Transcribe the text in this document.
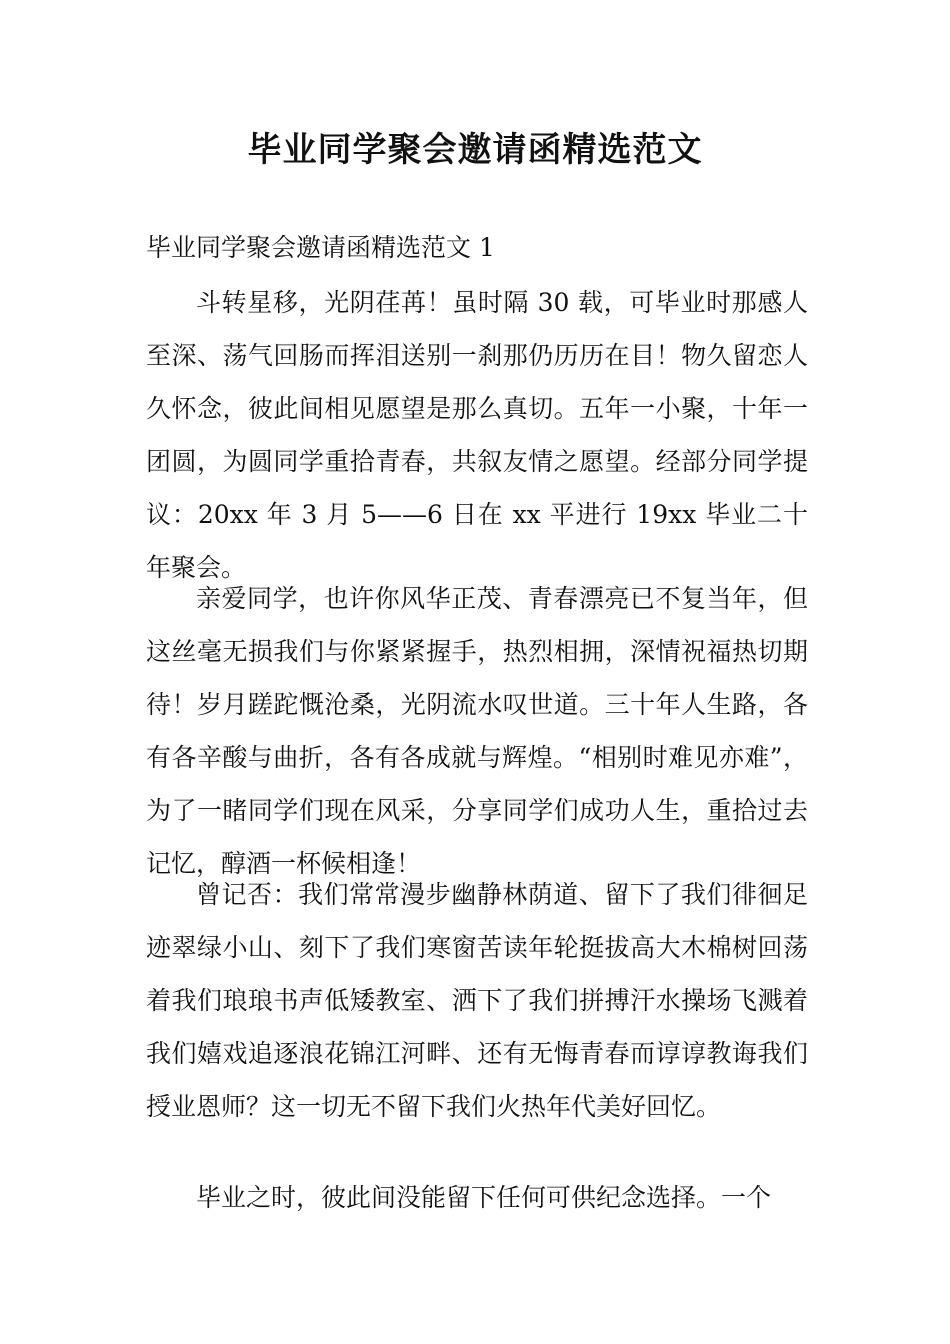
毕业同学聚会邀请函精选范文
毕业同学聚会邀请函精选范文 1

斗转星移，光阴荏苒！虽时隔 30 载，可毕业时那感人至深、荡气回肠而挥泪送别一刹那仍历历在目！物久留恋人久怀念，彼此间相见愿望是那么真切。五年一小聚，十年一团圆，为圆同学重拾青春，共叙友情之愿望。经部分同学提议：20xx 年 3 月 5——6 日在 xx 平进行 19xx 毕业二十年聚会。

亲爱同学，也许你风华正茂、青春漂亮已不复当年，但这丝毫无损我们与你紧紧握手，热烈相拥，深情祝福热切期待！岁月蹉跎慨沧桑，光阴流水叹世道。三十年人生路，各有各辛酸与曲折，各有各成就与辉煌。“相别时难见亦难”，为了一睹同学们现在风采，分享同学们成功人生，重拾过去记忆，醇酒一杯候相逢！

曾记否：我们常常漫步幽静林荫道、留下了我们徘徊足迹翠绿小山、刻下了我们寒窗苦读年轮挺拔高大木棉树回荡着我们琅琅书声低矮教室、洒下了我们拼搏汗水操场飞溅着我们嬉戏追逐浪花锦江河畔、还有无悔青春而谆谆教诲我们授业恩师？这一切无不留下我们火热年代美好回忆。

毕业之时，彼此间没能留下任何可供纪念选择。一个
